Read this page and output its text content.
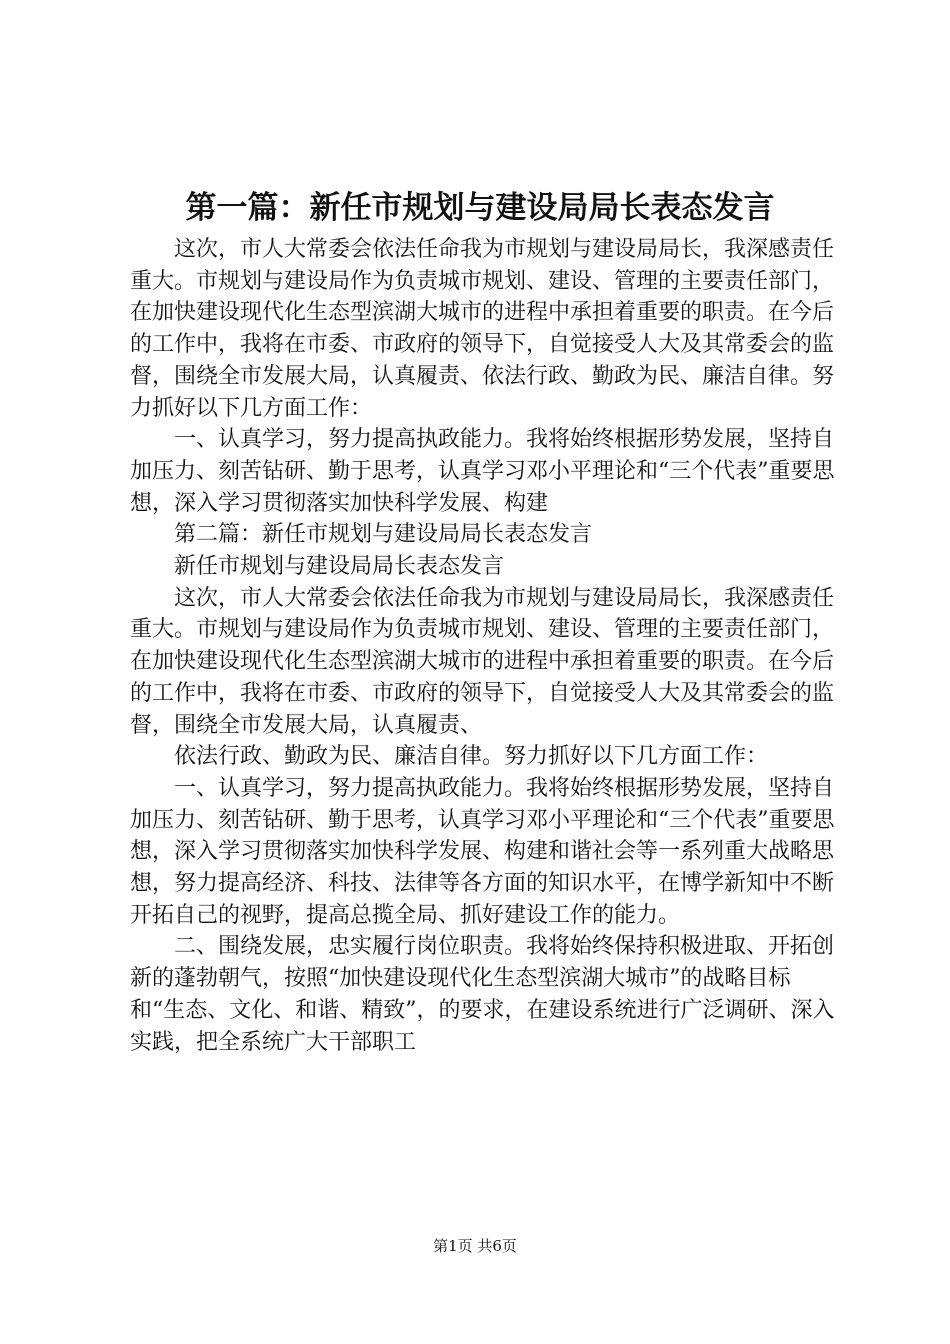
第一篇：新任市规划与建设局局长表态发言

这次，市人大常委会依法任命我为市规划与建设局局长，我深感责任重大。市规划与建设局作为负责城市规划、建设、管理的主要责任部门，在加快建设现代化生态型滨湖大城市的进程中承担着重要的职责。在今后的工作中，我将在市委、市政府的领导下，自觉接受人大及其常委会的监督，围绕全市发展大局，认真履责、依法行政、勤政为民、廉洁自律。努力抓好以下几方面工作：

一、认真学习，努力提高执政能力。我将始终根据形势发展，坚持自加压力、刻苦钻研、勤于思考，认真学习邓小平理论和“三个代表”重要思想，深入学习贯彻落实加快科学发展、构建

第二篇：新任市规划与建设局局长表态发言

新任市规划与建设局局长表态发言

这次，市人大常委会依法任命我为市规划与建设局局长，我深感责任重大。市规划与建设局作为负责城市规划、建设、管理的主要责任部门，在加快建设现代化生态型滨湖大城市的进程中承担着重要的职责。在今后的工作中，我将在市委、市政府的领导下，自觉接受人大及其常委会的监督，围绕全市发展大局，认真履责、

依法行政、勤政为民、廉洁自律。努力抓好以下几方面工作：

一、认真学习，努力提高执政能力。我将始终根据形势发展，坚持自加压力、刻苦钻研、勤于思考，认真学习邓小平理论和“三个代表”重要思想，深入学习贯彻落实加快科学发展、构建和谐社会等一系列重大战略思想，努力提高经济、科技、法律等各方面的知识水平，在博学新知中不断开拓自己的视野，提高总揽全局、抓好建设工作的能力。

二、围绕发展，忠实履行岗位职责。我将始终保持积极进取、开拓创新的蓬勃朝气，按照“加快建设现代化生态型滨湖大城市”的战略目标和“生态、文化、和谐、精致”，的要求，在建设系统进行广泛调研、深入实践，把全系统广大干部职工

第1页 共6页
